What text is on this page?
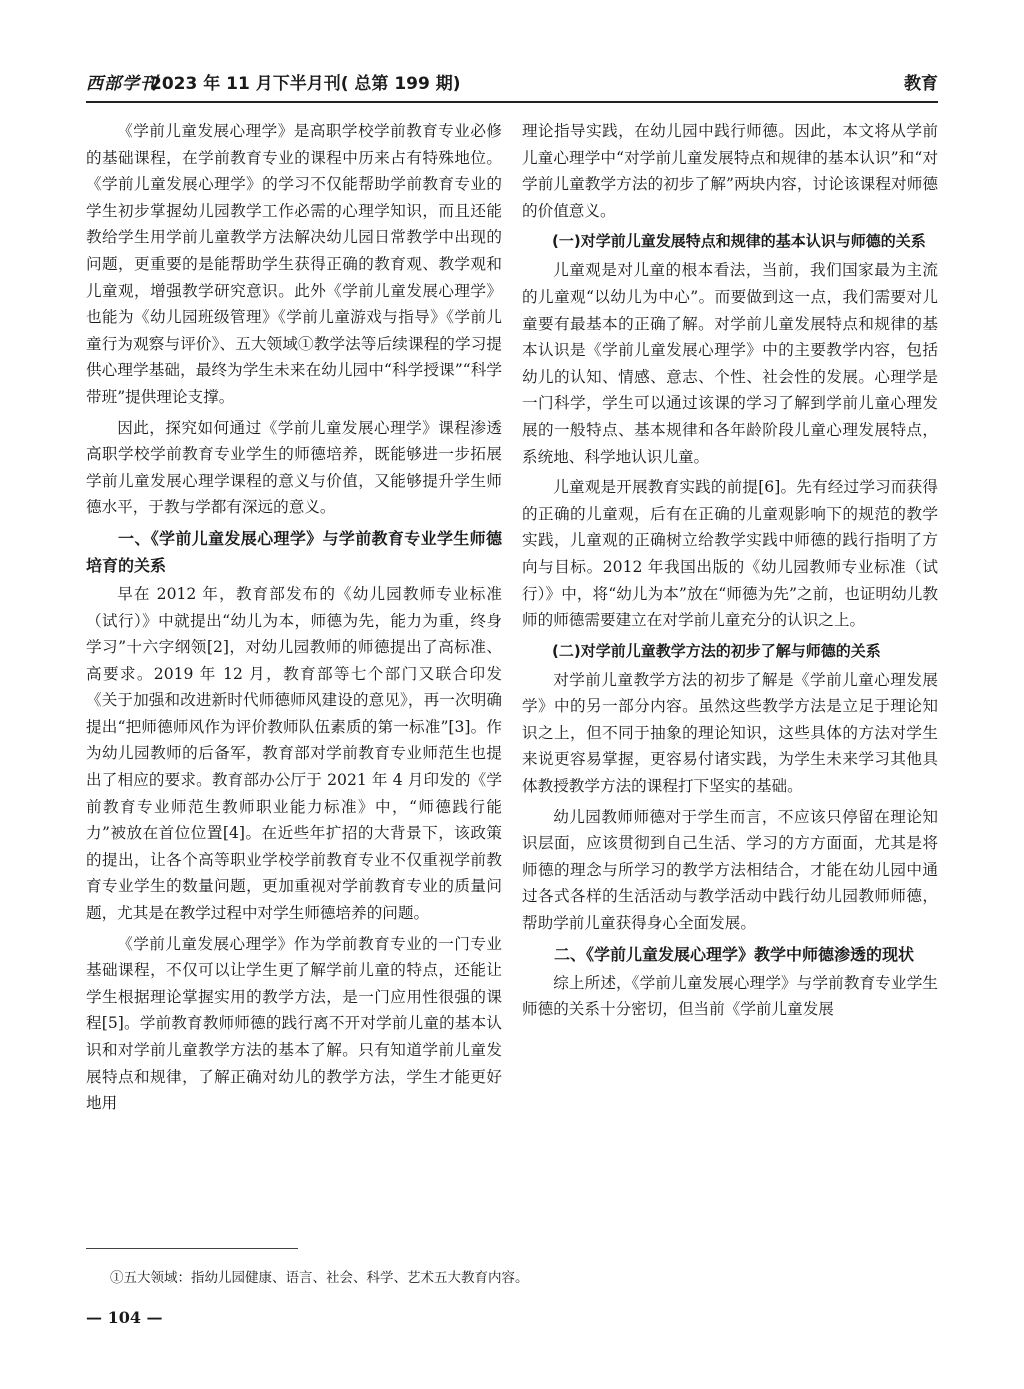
西部学刊
2023 年 11 月下半月刊( 总第 199 期)	教育

《学前儿童发展心理学》是高职学校学前教育专业必修的基础课程，在学前教育专业的课程中历来占有特殊地位。《学前儿童发展心理学》的学习不仅能帮助学前教育专业的学生初步掌握幼儿园教学工作必需的心理学知识，而且还能教给学生用学前儿童教学方法解决幼儿园日常教学中出现的问题，更重要的是能帮助学生获得正确的教育观、教学观和儿童观，增强教学研究意识。此外《学前儿童发展心理学》也能为《幼儿园班级管理》《学前儿童游戏与指导》《学前儿童行为观察与评价》、五大领域①教学法等后续课程的学习提供心理学基础，最终为学生未来在幼儿园中“科学授课”“科学带班”提供理论支撑。

因此，探究如何通过《学前儿童发展心理学》课程渗透高职学校学前教育专业学生的师德培养，既能够进一步拓展学前儿童发展心理学课程的意义与价值，又能够提升学生师德水平，于教与学都有深远的意义。

一、《学前儿童发展心理学》与学前教育专业学生师德培育的关系

早在 2012 年，教育部发布的《幼儿园教师专业标准（试行）》中就提出“幼儿为本，师德为先，能力为重，终身学习”十六字纲领[2]，对幼儿园教师的师德提出了高标准、高要求。2019 年 12 月，教育部等七个部门又联合印发《关于加强和改进新时代师德师风建设的意见》，再一次明确提出“把师德师风作为评价教师队伍素质的第一标准”[3]。作为幼儿园教师的后备军，教育部对学前教育专业师范生也提出了相应的要求。教育部办公厅于 2021 年 4 月印发的《学前教育专业师范生教师职业能力标准》中，“师德践行能力”被放在首位位置[4]。在近些年扩招的大背景下，该政策的提出，让各个高等职业学校学前教育专业不仅重视学前教育专业学生的数量问题，更加重视对学前教育专业的质量问题，尤其是在教学过程中对学生师德培养的问题。

《学前儿童发展心理学》作为学前教育专业的一门专业基础课程，不仅可以让学生更了解学前儿童的特点，还能让学生根据理论掌握实用的教学方法，是一门应用性很强的课程[5]。学前教育教师师德的践行离不开对学前儿童的基本认识和对学前儿童教学方法的基本了解。只有知道学前儿童发展特点和规律，了解正确对幼儿的教学方法，学生才能更好地用

理论指导实践，在幼儿园中践行师德。因此，本文将从学前儿童心理学中“对学前儿童发展特点和规律的基本认识”和“对学前儿童教学方法的初步了解”两块内容，讨论该课程对师德的价值意义。

(一)对学前儿童发展特点和规律的基本认识与师德的关系

儿童观是对儿童的根本看法，当前，我们国家最为主流的儿童观“以幼儿为中心”。而要做到这一点，我们需要对儿童要有最基本的正确了解。对学前儿童发展特点和规律的基本认识是《学前儿童发展心理学》中的主要教学内容，包括幼儿的认知、情感、意志、个性、社会性的发展。心理学是一门科学，学生可以通过该课的学习了解到学前儿童心理发展的一般特点、基本规律和各年龄阶段儿童心理发展特点，系统地、科学地认识儿童。

儿童观是开展教育实践的前提[6]。先有经过学习而获得的正确的儿童观，后有在正确的儿童观影响下的规范的教学实践，儿童观的正确树立给教学实践中师德的践行指明了方向与目标。2012 年我国出版的《幼儿园教师专业标准（试行）》中，将“幼儿为本”放在“师德为先”之前，也证明幼儿教师的师德需要建立在对学前儿童充分的认识之上。

(二)对学前儿童教学方法的初步了解与师德的关系

对学前儿童教学方法的初步了解是《学前儿童心理发展学》中的另一部分内容。虽然这些教学方法是立足于理论知识之上，但不同于抽象的理论知识，这些具体的方法对学生来说更容易掌握，更容易付诸实践，为学生未来学习其他具体教授教学方法的课程打下坚实的基础。

幼儿园教师师德对于学生而言，不应该只停留在理论知识层面，应该贯彻到自己生活、学习的方方面面，尤其是将师德的理念与所学习的教学方法相结合，才能在幼儿园中通过各式各样的生活活动与教学活动中践行幼儿园教师师德，帮助学前儿童获得身心全面发展。

二、《学前儿童发展心理学》教学中师德渗透的现状

综上所述，《学前儿童发展心理学》与学前教育专业学生师德的关系十分密切，但当前《学前儿童发展

①五大领域：指幼儿园健康、语言、社会、科学、艺术五大教育内容。
— 104 —
